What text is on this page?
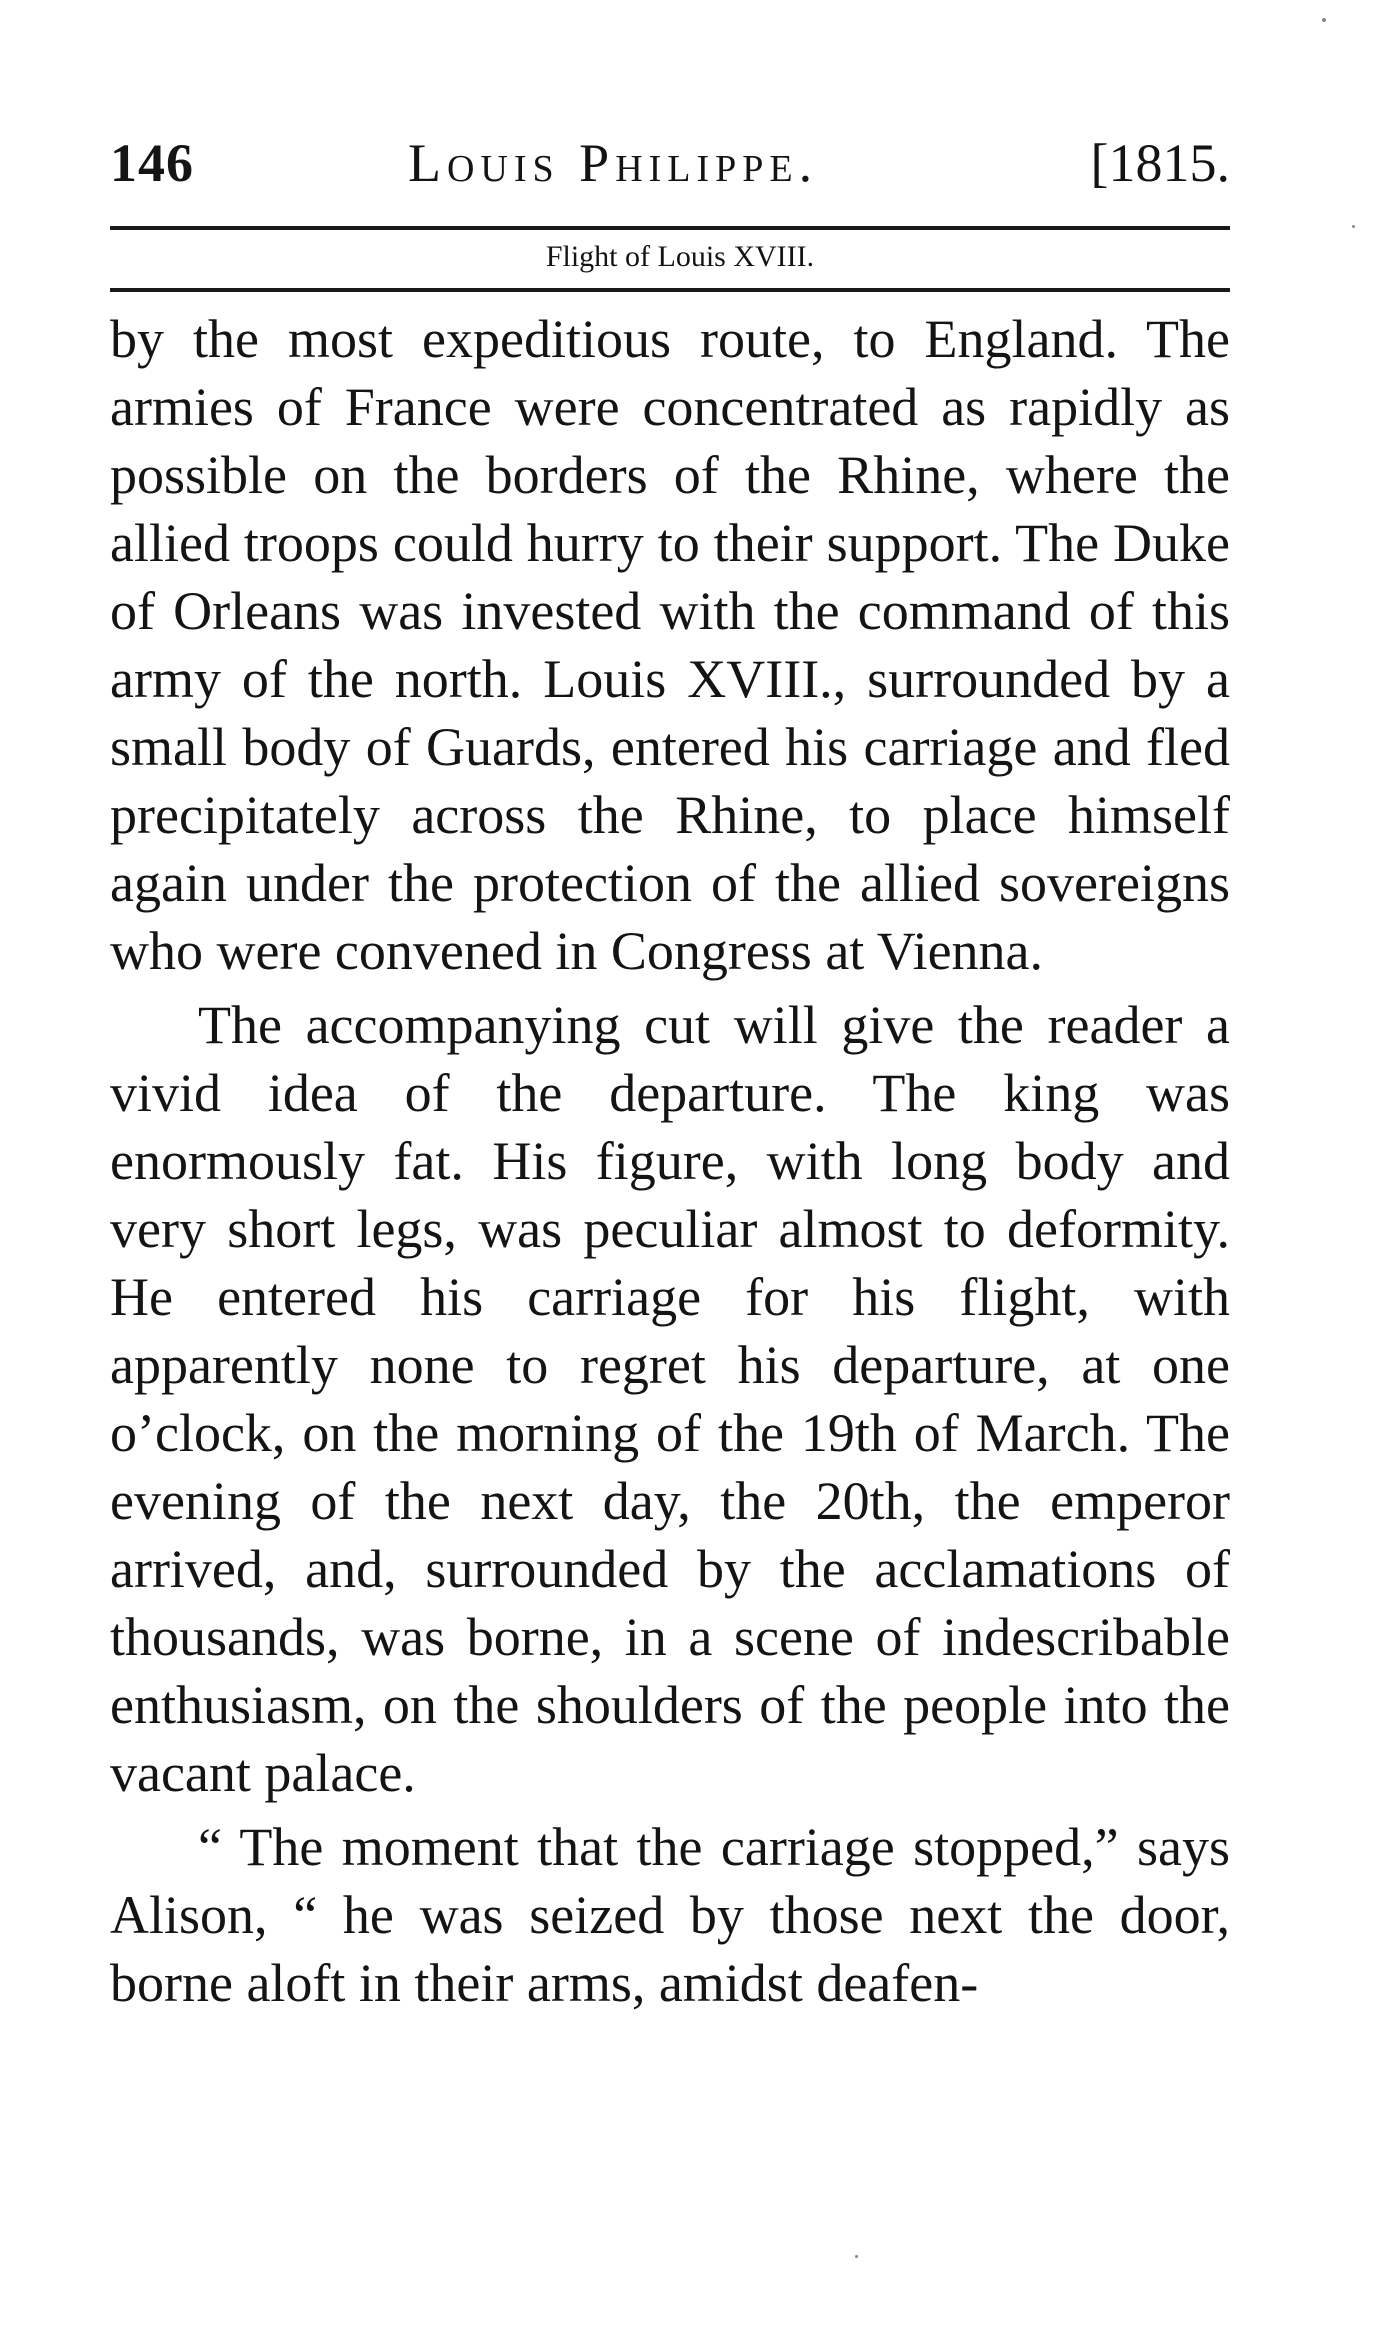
146	Louis Philippe.	[1815.
Flight of Louis XVIII.

by the most expeditious route, to England. The armies of France were concentrated as rapidly as possible on the borders of the Rhine, where the allied troops could hurry to their support. The Duke of Orleans was invested with the command of this army of the north. Louis XVIII., surrounded by a small body of Guards, entered his carriage and fled precipitately across the Rhine, to place himself again under the protection of the allied sovereigns who were convened in Congress at Vienna.

The accompanying cut will give the reader a vivid idea of the departure. The king was enormously fat. His figure, with long body and very short legs, was peculiar almost to deformity. He entered his carriage for his flight, with apparently none to regret his departure, at one o’clock, on the morning of the 19th of March. The evening of the next day, the 20th, the emperor arrived, and, surrounded by the acclamations of thousands, was borne, in a scene of indescribable enthusiasm, on the shoulders of the people into the vacant palace.

“ The moment that the carriage stopped,” says Alison, “ he was seized by those next the door, borne aloft in their arms, amidst deafen-
